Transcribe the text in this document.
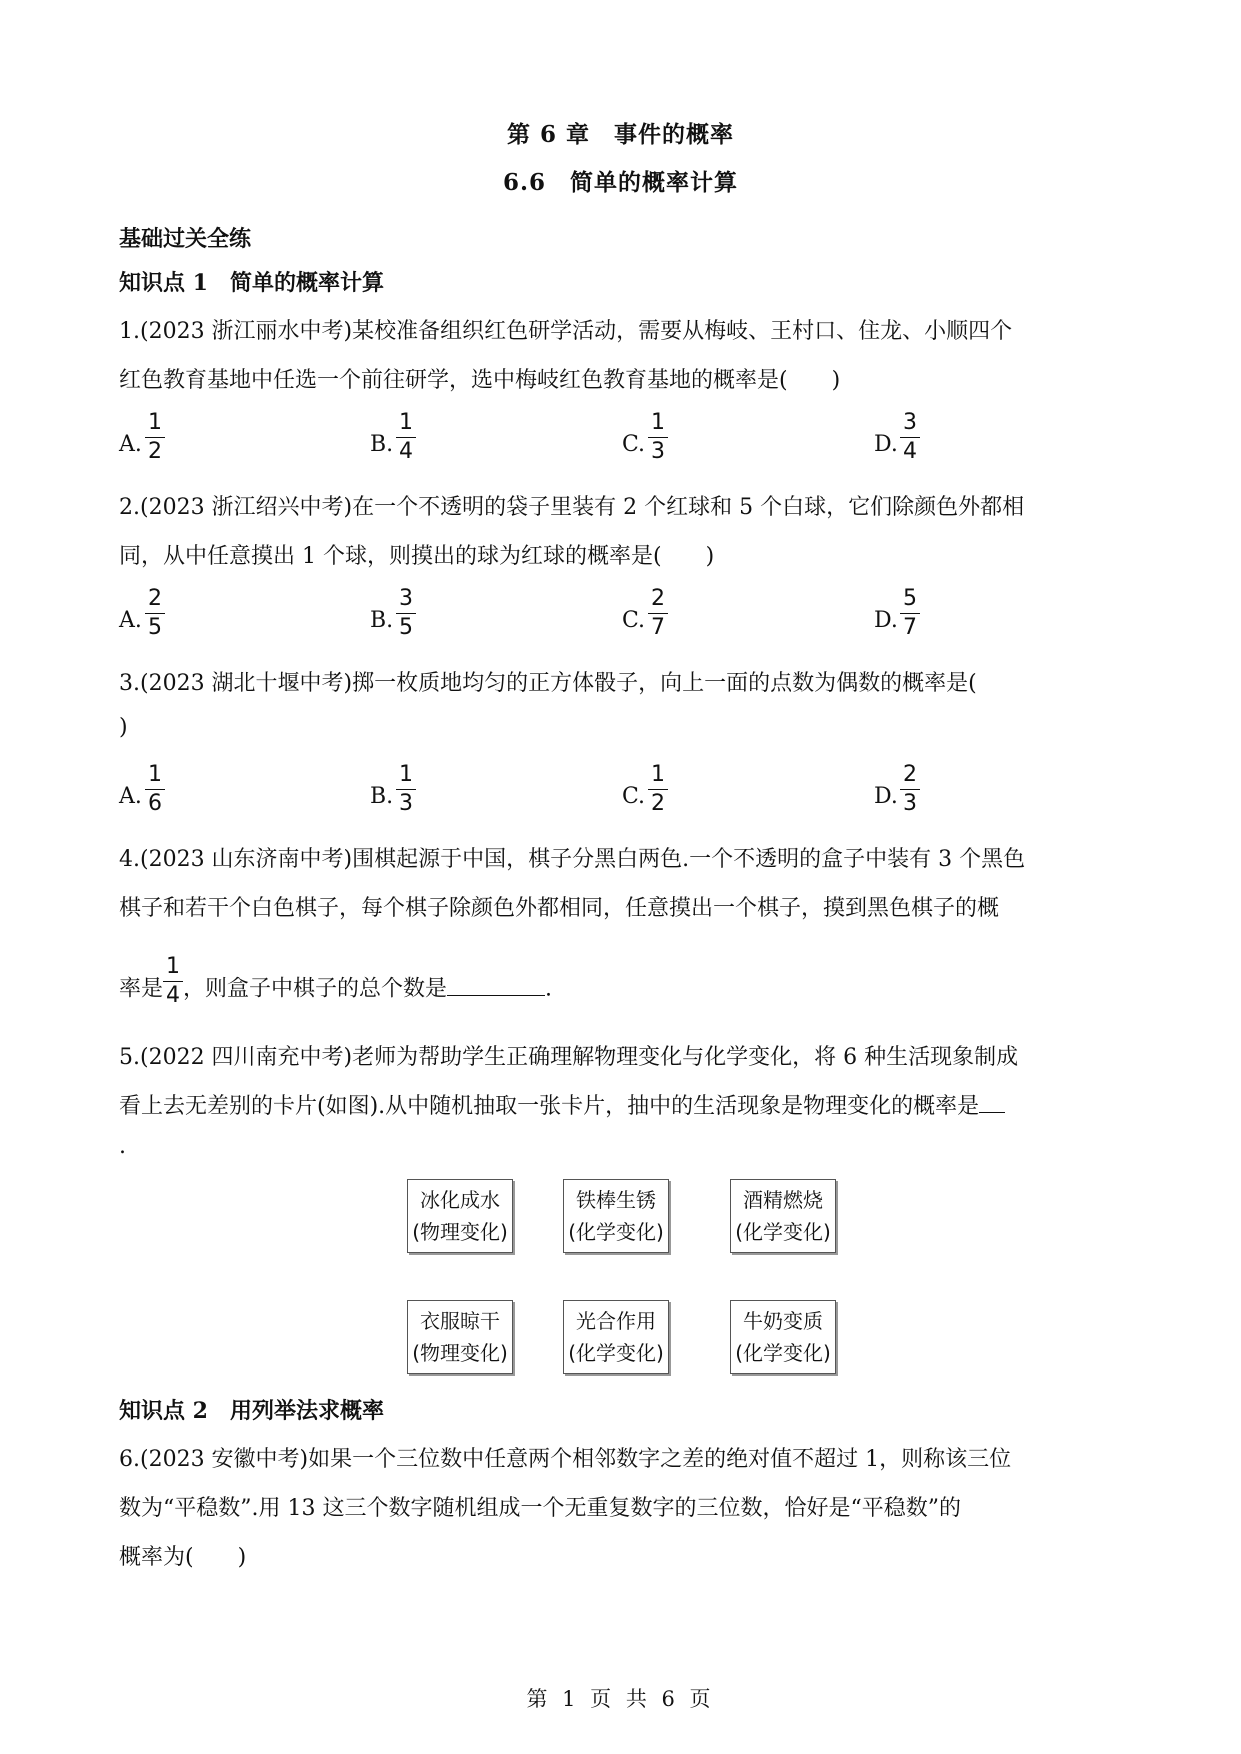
第 6 章　事件的概率
6.6　简单的概率计算
基础过关全练
知识点 1　简单的概率计算
1.(2023 浙江丽水中考)某校准备组织红色研学活动，需要从梅岐、王村口、住龙、小顺四个
红色教育基地中任选一个前往研学，选中梅岐红色教育基地的概率是(　　)
A.
1
2	B.
1
4	C.
1
3	D.
3
4
2.(2023 浙江绍兴中考)在一个不透明的袋子里装有 2 个红球和 5 个白球，它们除颜色外都相
同，从中任意摸出 1 个球，则摸出的球为红球的概率是(　　)
A.
2
5	B.
3
5	C.
2
7	D.
5
7
3.(2023 湖北十堰中考)掷一枚质地均匀的正方体骰子，向上一面的点数为偶数的概率是(
)
A.
1
6	B.
1
3	C.
1
2	D.
2
3
4.(2023 山东济南中考)围棋起源于中国，棋子分黑白两色.一个不透明的盒子中装有 3 个黑色
棋子和若干个白色棋子，每个棋子除颜色外都相同，任意摸出一个棋子，摸到黑色棋子的概
率是 $\frac{1}{4}$ ，则盒子中棋子的总个数是	.
5.(2022 四川南充中考)老师为帮助学生正确理解物理变化与化学变化，将 6 种生活现象制成
看上去无差别的卡片(如图).从中随机抽取一张卡片，抽中的生活现象是物理变化的概率是
.
冰化成水
(物理变化)
铁棒生锈
(化学变化)
酒精燃烧
(化学变化)
衣服晾干
(物理变化)
光合作用
(化学变化)
牛奶变质
(化学变化)
知识点 2　用列举法求概率
6.(2023 安徽中考)如果一个三位数中任意两个相邻数字之差的绝对值不超过 1，则称该三位
数为“平稳数”.用 13 这三个数字随机组成一个无重复数字的三位数，恰好是“平稳数”的
概率为(　　)
第 1 页 共 6 页
